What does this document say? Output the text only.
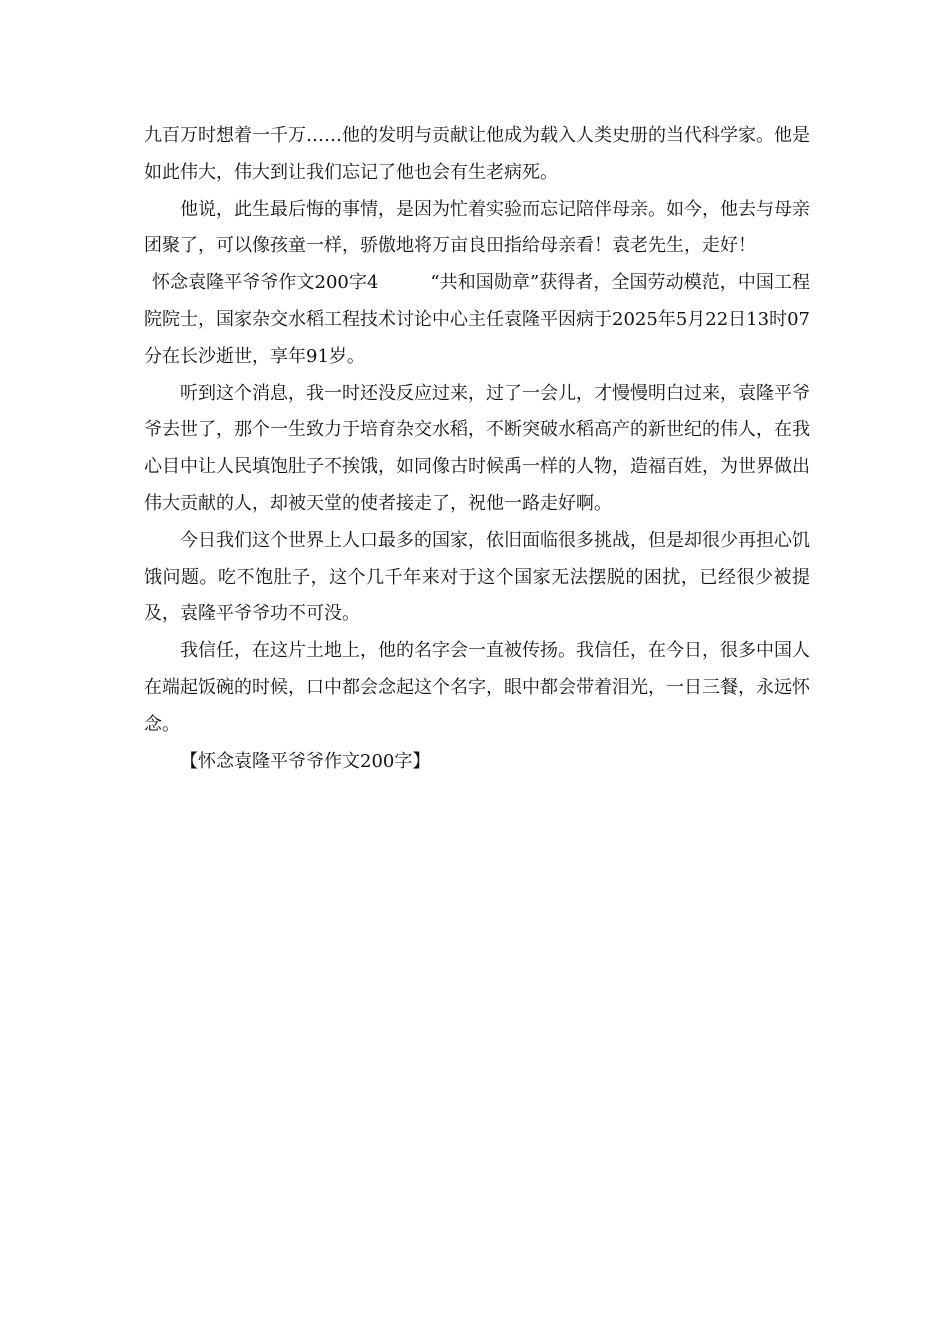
九百万时想着一千万……他的发明与贡献让他成为载入人类史册的当代科学家。他是如此伟大，伟大到让我们忘记了他也会有生老病死。

他说，此生最后悔的事情，是因为忙着实验而忘记陪伴母亲。如今，他去与母亲团聚了，可以像孩童一样，骄傲地将万亩良田指给母亲看！袁老先生，走好！

怀念袁隆平爷爷作文200字4	“共和国勋章”获得者，全国劳动模范，中国工程院院士，国家杂交水稻工程技术讨论中心主任袁隆平因病于2025年5月22日13时07分在长沙逝世，享年91岁。

听到这个消息，我一时还没反应过来，过了一会儿，才慢慢明白过来，袁隆平爷爷去世了，那个一生致力于培育杂交水稻，不断突破水稻高产的新世纪的伟人，在我心目中让人民填饱肚子不挨饿，如同像古时候禹一样的人物，造福百姓，为世界做出伟大贡献的人，却被天堂的使者接走了，祝他一路走好啊。

今日我们这个世界上人口最多的国家，依旧面临很多挑战，但是却很少再担心饥饿问题。吃不饱肚子，这个几千年来对于这个国家无法摆脱的困扰，已经很少被提及，袁隆平爷爷功不可没。

我信任，在这片土地上，他的名字会一直被传扬。我信任，在今日，很多中国人在端起饭碗的时候，口中都会念起这个名字，眼中都会带着泪光，一日三餐，永远怀念。

【怀念袁隆平爷爷作文200字】
